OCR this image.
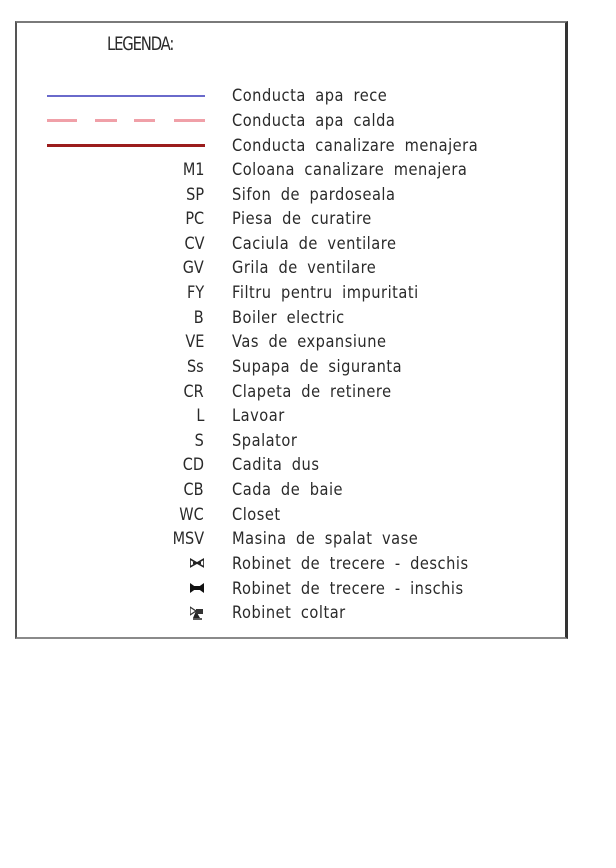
LEGENDA:
Conducta apa rece
Conducta apa calda
Conducta canalizare menajera
M1 Coloana canalizare menajera
SP Sifon de pardoseala
PC Piesa de curatire
CV Caciula de ventilare
GV Grila de ventilare
FY Filtru pentru impuritati
B Boiler electric
VE Vas de expansiune
Ss Supapa de siguranta
CR Clapeta de retinere
L Lavoar
S Spalator
CD Cadita dus
CB Cada de baie
WC Closet
MSV Masina de spalat vase
Robinet de trecere - deschis
Robinet de trecere - inschis
Robinet coltar
